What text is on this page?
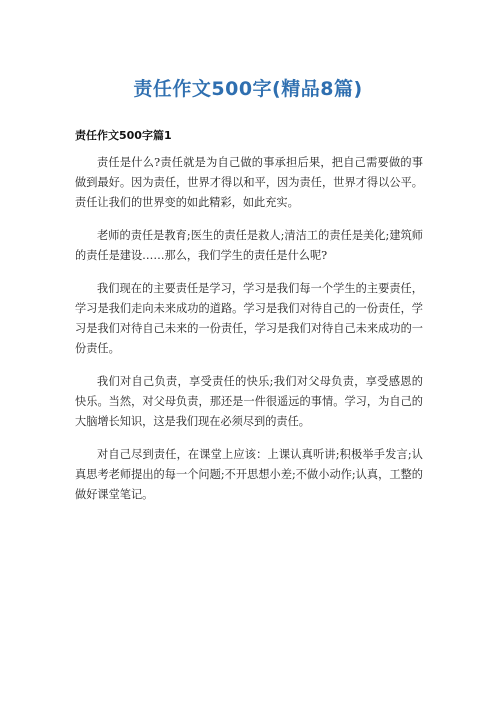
责任作文500字(精品8篇)
责任作文500字篇1

责任是什么?责任就是为自己做的事承担后果，把自己需要做的事做到最好。因为责任，世界才得以和平，因为责任，世界才得以公平。责任让我们的世界变的如此精彩，如此充实。

老师的责任是教育;医生的责任是救人;清洁工的责任是美化;建筑师的责任是建设……那么，我们学生的责任是什么呢?

我们现在的主要责任是学习，学习是我们每一个学生的主要责任，学习是我们走向未来成功的道路。学习是我们对待自己的一份责任，学习是我们对待自己未来的一份责任，学习是我们对待自己未来成功的一份责任。

我们对自己负责，享受责任的快乐;我们对父母负责，享受感恩的快乐。当然，对父母负责，那还是一件很遥远的事情。学习，为自己的大脑增长知识，这是我们现在必须尽到的责任。

对自己尽到责任，在课堂上应该：上课认真听讲;积极举手发言;认真思考老师提出的每一个问题;不开思想小差;不做小动作;认真，工整的做好课堂笔记。
